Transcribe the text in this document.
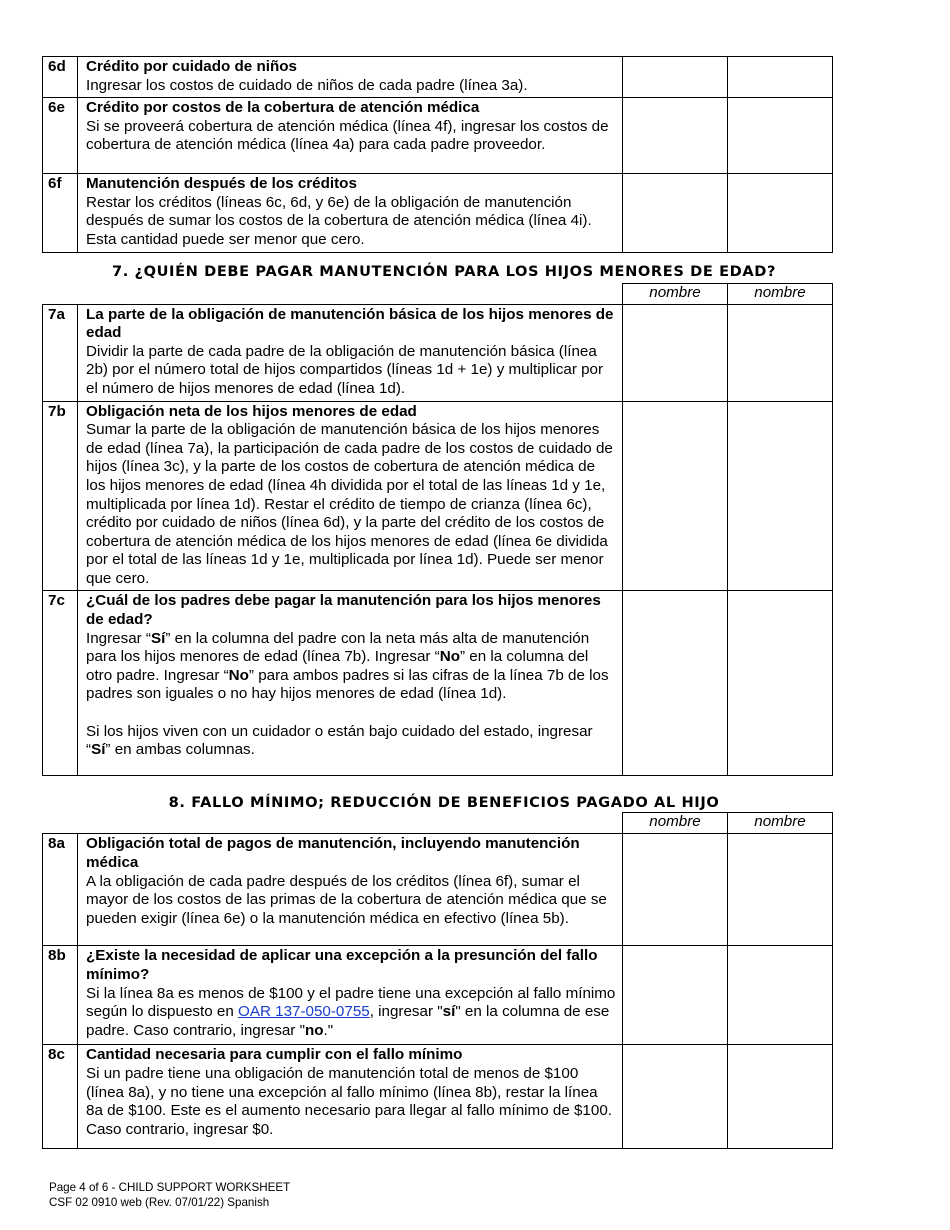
6d	Crédito por cuidado de niños
Ingresar los costos de cuidado de niños de cada padre (línea 3a).		
6e	Crédito por costos de la cobertura de atención médica
Si se proveerá cobertura de atención médica (línea 4f), ingresar los costos de cobertura de atención médica (línea 4a) para cada padre proveedor.		
6f	Manutención después de los créditos
Restar los créditos (líneas 6c, 6d, y 6e) de la obligación de manutención después de sumar los costos de la cobertura de atención médica (línea 4i). Esta cantidad puede ser menor que cero.		
7. ¿QUIÉN DEBE PAGAR MANUTENCIÓN PARA LOS HIJOS MENORES DE EDAD?
		nombre	nombre
7a	La parte de la obligación de manutención básica de los hijos menores de edad
Dividir la parte de cada padre de la obligación de manutención básica (línea 2b) por el número total de hijos compartidos (líneas 1d + 1e) y multiplicar por el número de hijos menores de edad (línea 1d).		
7b	Obligación neta de los hijos menores de edad
Sumar la parte de la obligación de manutención básica de los hijos menores de edad (línea 7a), la participación de cada padre de los costos de cuidado de hijos (línea 3c), y la parte de los costos de cobertura de atención médica de los hijos menores de edad (línea 4h dividida por el total de las líneas 1d y 1e, multiplicada por línea 1d). Restar el crédito de tiempo de crianza (línea 6c), crédito por cuidado de niños (línea 6d), y la parte del crédito de los costos de cobertura de atención médica de los hijos menores de edad (línea 6e dividida por el total de las líneas 1d y 1e, multiplicada por línea 1d). Puede ser menor que cero.		
7c	¿Cuál de los padres debe pagar la manutención para los hijos menores de edad?
Ingresar “Sí” en la columna del padre con la neta más alta de manutención para los hijos menores de edad (línea 7b). Ingresar “No” en la columna del otro padre. Ingresar “No” para ambos padres si las cifras de la línea 7b de los padres son iguales o no hay hijos menores de edad (línea 1d).
Si los hijos viven con un cuidador o están bajo cuidado del estado, ingresar “Sí” en ambas columnas.		
8. FALLO MÍNIMO; REDUCCIÓN DE BENEFICIOS PAGADO AL HIJO
		nombre	nombre
8a	Obligación total de pagos de manutención, incluyendo manutención médica
A la obligación de cada padre después de los créditos (línea 6f), sumar el mayor de los costos de las primas de la cobertura de atención médica que se pueden exigir (línea 6e) o la manutención médica en efectivo (línea 5b).		
8b	¿Existe la necesidad de aplicar una excepción a la presunción del fallo mínimo?
Si la línea 8a es menos de $100 y el padre tiene una excepción al fallo mínimo según lo dispuesto en OAR 137-050-0755, ingresar "sí" en la columna de ese padre. Caso contrario, ingresar "no."		
8c	Cantidad necesaria para cumplir con el fallo mínimo
Si un padre tiene una obligación de manutención total de menos de $100 (línea 8a), y no tiene una excepción al fallo mínimo (línea 8b), restar la línea 8a de $100. Este es el aumento necesario para llegar al fallo mínimo de $100. Caso contrario, ingresar $0.		
Page 4 of 6 - CHILD SUPPORT WORKSHEET
CSF 02 0910 web (Rev. 07/01/22) Spanish
